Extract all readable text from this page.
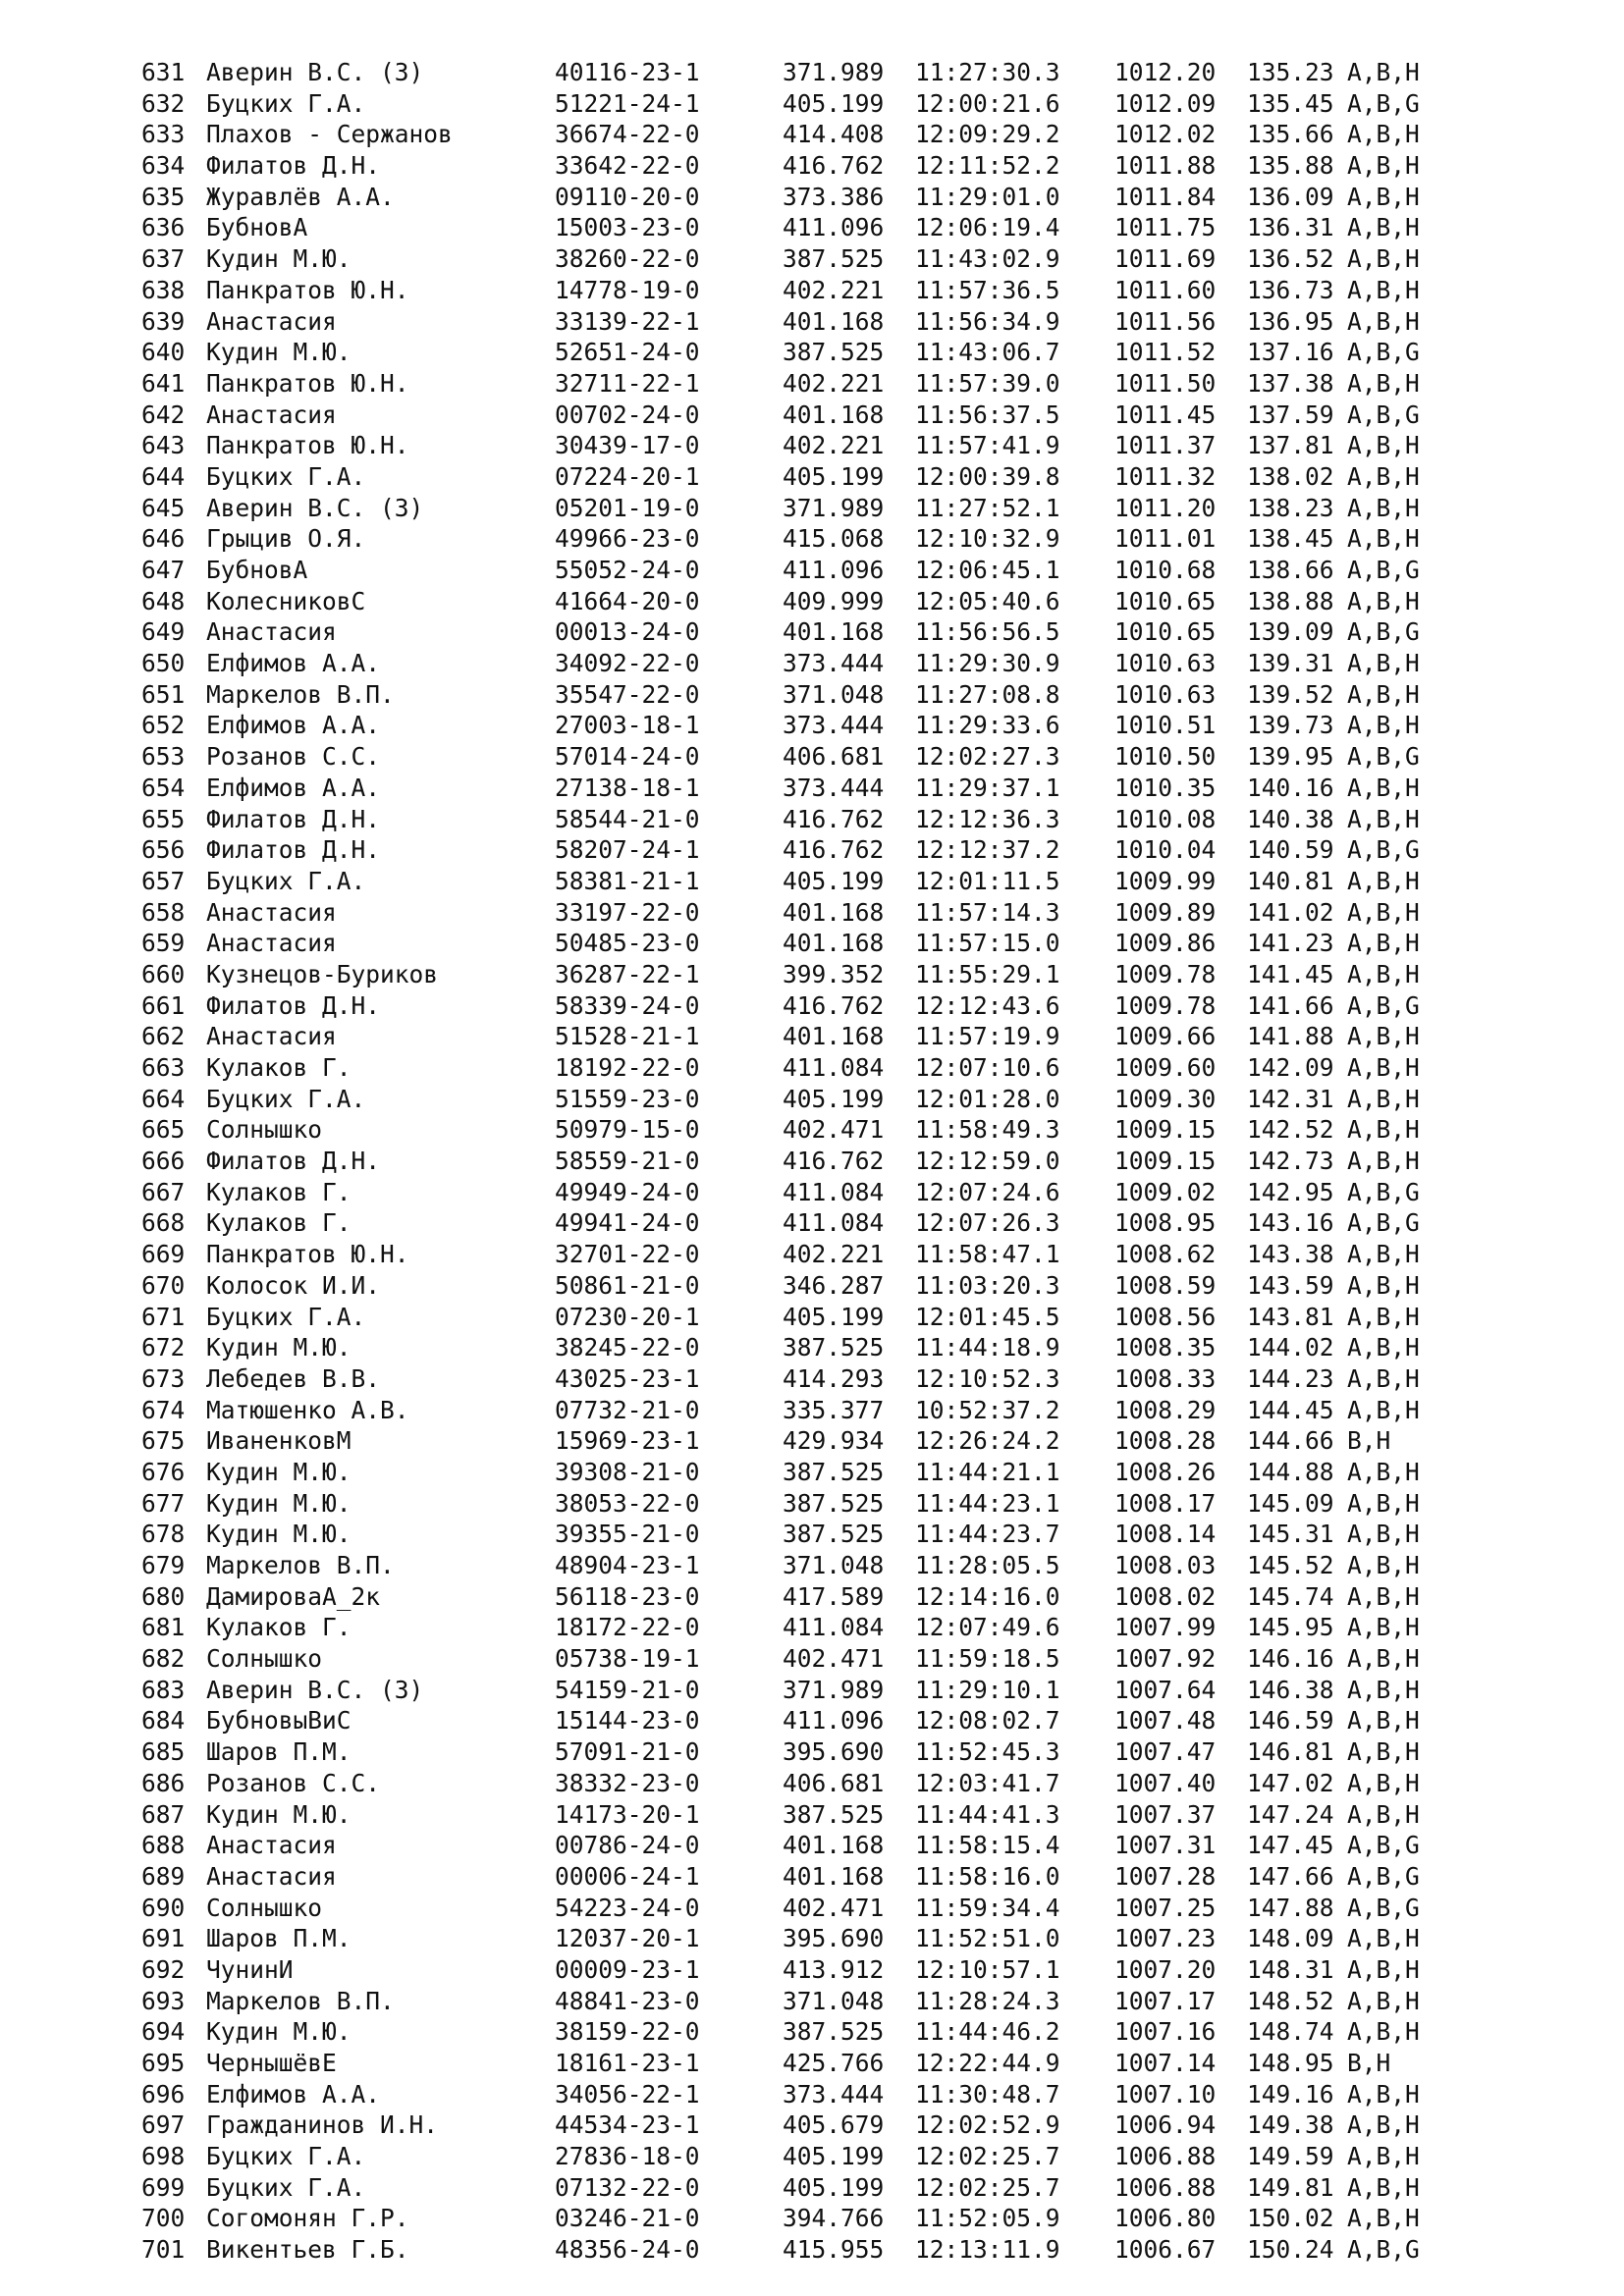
631 Аверин В.С. (З)	40116-23-1	371.989 11:27:30.3 1012.20 135.23 A,B,H
632 Буцких Г.А.	51221-24-1	405.199 12:00:21.6 1012.09 135.45 A,B,G
633 Плахов - Сержанов	36674-22-0	414.408 12:09:29.2 1012.02 135.66 A,B,H
634 Филатов Д.Н.	33642-22-0	416.762 12:11:52.2 1011.88 135.88 A,B,H
635 Журавлёв А.А.	09110-20-0	373.386 11:29:01.0 1011.84 136.09 A,B,H
636 БубновА	15003-23-0	411.096 12:06:19.4 1011.75 136.31 A,B,H
637 Кудин М.Ю.	38260-22-0	387.525 11:43:02.9 1011.69 136.52 A,B,H
638 Панкратов Ю.Н.	14778-19-0	402.221 11:57:36.5 1011.60 136.73 A,B,H
639 Анастасия	33139-22-1	401.168 11:56:34.9 1011.56 136.95 A,B,H
640 Кудин М.Ю.	52651-24-0	387.525 11:43:06.7 1011.52 137.16 A,B,G
641 Панкратов Ю.Н.	32711-22-1	402.221 11:57:39.0 1011.50 137.38 A,B,H
642 Анастасия	00702-24-0	401.168 11:56:37.5 1011.45 137.59 A,B,G
643 Панкратов Ю.Н.	30439-17-0	402.221 11:57:41.9 1011.37 137.81 A,B,H
644 Буцких Г.А.	07224-20-1	405.199 12:00:39.8 1011.32 138.02 A,B,H
645 Аверин В.С. (З)	05201-19-0	371.989 11:27:52.1 1011.20 138.23 A,B,H
646 Грыцив О.Я.	49966-23-0	415.068 12:10:32.9 1011.01 138.45 A,B,H
647 БубновА	55052-24-0	411.096 12:06:45.1 1010.68 138.66 A,B,G
648 КолесниковС	41664-20-0	409.999 12:05:40.6 1010.65 138.88 A,B,H
649 Анастасия	00013-24-0	401.168 11:56:56.5 1010.65 139.09 A,B,G
650 Елфимов А.А.	34092-22-0	373.444 11:29:30.9 1010.63 139.31 A,B,H
651 Маркелов В.П.	35547-22-0	371.048 11:27:08.8 1010.63 139.52 A,B,H
652 Елфимов А.А.	27003-18-1	373.444 11:29:33.6 1010.51 139.73 A,B,H
653 Розанов С.С.	57014-24-0	406.681 12:02:27.3 1010.50 139.95 A,B,G
654 Елфимов А.А.	27138-18-1	373.444 11:29:37.1 1010.35 140.16 A,B,H
655 Филатов Д.Н.	58544-21-0	416.762 12:12:36.3 1010.08 140.38 A,B,H
656 Филатов Д.Н.	58207-24-1	416.762 12:12:37.2 1010.04 140.59 A,B,G
657 Буцких Г.А.	58381-21-1	405.199 12:01:11.5 1009.99 140.81 A,B,H
658 Анастасия	33197-22-0	401.168 11:57:14.3 1009.89 141.02 A,B,H
659 Анастасия	50485-23-0	401.168 11:57:15.0 1009.86 141.23 A,B,H
660 Кузнецов-Буриков	36287-22-1	399.352 11:55:29.1 1009.78 141.45 A,B,H
661 Филатов Д.Н.	58339-24-0	416.762 12:12:43.6 1009.78 141.66 A,B,G
662 Анастасия	51528-21-1	401.168 11:57:19.9 1009.66 141.88 A,B,H
663 Кулаков Г.	18192-22-0	411.084 12:07:10.6 1009.60 142.09 A,B,H
664 Буцких Г.А.	51559-23-0	405.199 12:01:28.0 1009.30 142.31 A,B,H
665 Солнышко	50979-15-0	402.471 11:58:49.3 1009.15 142.52 A,B,H
666 Филатов Д.Н.	58559-21-0	416.762 12:12:59.0 1009.15 142.73 A,B,H
667 Кулаков Г.	49949-24-0	411.084 12:07:24.6 1009.02 142.95 A,B,G
668 Кулаков Г.	49941-24-0	411.084 12:07:26.3 1008.95 143.16 A,B,G
669 Панкратов Ю.Н.	32701-22-0	402.221 11:58:47.1 1008.62 143.38 A,B,H
670 Колосок И.И.	50861-21-0	346.287 11:03:20.3 1008.59 143.59 A,B,H
671 Буцких Г.А.	07230-20-1	405.199 12:01:45.5 1008.56 143.81 A,B,H
672 Кудин М.Ю.	38245-22-0	387.525 11:44:18.9 1008.35 144.02 A,B,H
673 Лебедев В.В.	43025-23-1	414.293 12:10:52.3 1008.33 144.23 A,B,H
674 Матюшенко А.В.	07732-21-0	335.377 10:52:37.2 1008.29 144.45 A,B,H
675 ИваненковМ	15969-23-1	429.934 12:26:24.2 1008.28 144.66 B,H
676 Кудин М.Ю.	39308-21-0	387.525 11:44:21.1 1008.26 144.88 A,B,H
677 Кудин М.Ю.	38053-22-0	387.525 11:44:23.1 1008.17 145.09 A,B,H
678 Кудин М.Ю.	39355-21-0	387.525 11:44:23.7 1008.14 145.31 A,B,H
679 Маркелов В.П.	48904-23-1	371.048 11:28:05.5 1008.03 145.52 A,B,H
680 ДамироваA_2к	56118-23-0	417.589 12:14:16.0 1008.02 145.74 A,B,H
681 Кулаков Г.	18172-22-0	411.084 12:07:49.6 1007.99 145.95 A,B,H
682 Солнышко	05738-19-1	402.471 11:59:18.5 1007.92 146.16 A,B,H
683 Аверин В.С. (З)	54159-21-0	371.989 11:29:10.1 1007.64 146.38 A,B,H
684 БубновыВиС	15144-23-0	411.096 12:08:02.7 1007.48 146.59 A,B,H
685 Шаров П.М.	57091-21-0	395.690 11:52:45.3 1007.47 146.81 A,B,H
686 Розанов С.С.	38332-23-0	406.681 12:03:41.7 1007.40 147.02 A,B,H
687 Кудин М.Ю.	14173-20-1	387.525 11:44:41.3 1007.37 147.24 A,B,H
688 Анастасия	00786-24-0	401.168 11:58:15.4 1007.31 147.45 A,B,G
689 Анастасия	00006-24-1	401.168 11:58:16.0 1007.28 147.66 A,B,G
690 Солнышко	54223-24-0	402.471 11:59:34.4 1007.25 147.88 A,B,G
691 Шаров П.М.	12037-20-1	395.690 11:52:51.0 1007.23 148.09 A,B,H
692 ЧунинИ	00009-23-1	413.912 12:10:57.1 1007.20 148.31 A,B,H
693 Маркелов В.П.	48841-23-0	371.048 11:28:24.3 1007.17 148.52 A,B,H
694 Кудин М.Ю.	38159-22-0	387.525 11:44:46.2 1007.16 148.74 A,B,H
695 ЧернышёвЕ	18161-23-1	425.766 12:22:44.9 1007.14 148.95 B,H
696 Елфимов А.А.	34056-22-1	373.444 11:30:48.7 1007.10 149.16 A,B,H
697 Гражданинов И.Н.	44534-23-1	405.679 12:02:52.9 1006.94 149.38 A,B,H
698 Буцких Г.А.	27836-18-0	405.199 12:02:25.7 1006.88 149.59 A,B,H
699 Буцких Г.А.	07132-22-0	405.199 12:02:25.7 1006.88 149.81 A,B,H
700 Согомонян Г.Р.	03246-21-0	394.766 11:52:05.9 1006.80 150.02 A,B,H
701 Викентьев Г.Б.	48356-24-0	415.955 12:13:11.9 1006.67 150.24 A,B,G
